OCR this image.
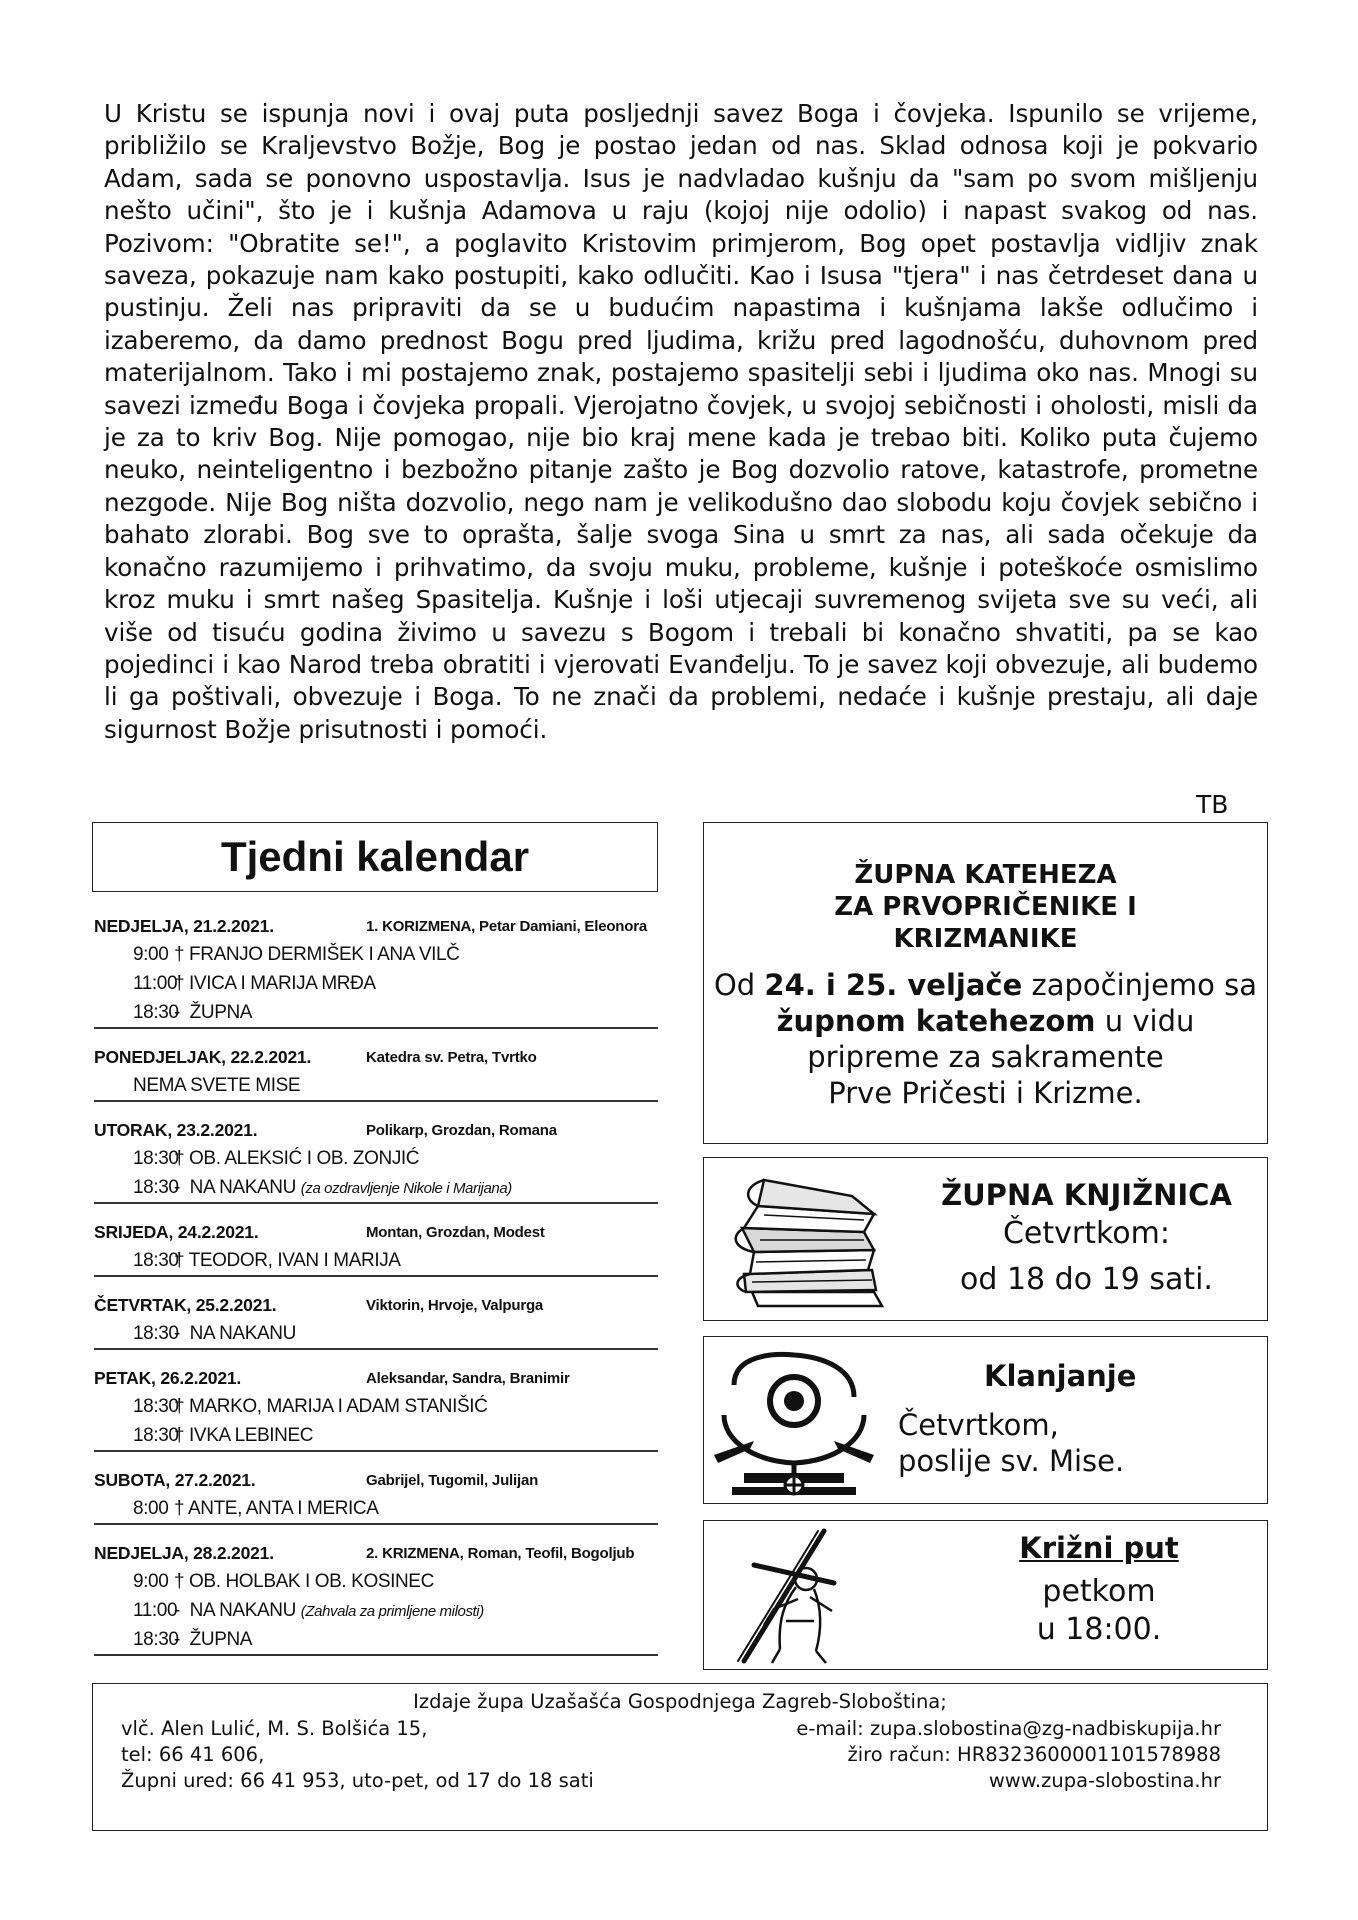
U Kristu se ispunja novi i ovaj puta posljednji savez Boga i čovjeka. Ispunilo se vrijeme, približilo se Kraljevstvo Božje, Bog je postao jedan od nas. Sklad odnosa koji je pokvario Adam, sada se ponovno uspostavlja. Isus je nadvladao kušnju da "sam po svom mišljenju nešto učini", što je i kušnja Adamova u raju (kojoj nije odolio) i napast svakog od nas. Pozivom: "Obratite se!", a poglavito Kristovim primjerom, Bog opet postavlja vidljiv znak saveza, pokazuje nam kako postupiti, kako odlučiti. Kao i Isusa "tjera" i nas četrdeset dana u pustinju. Želi nas pripraviti da se u budućim napastima i kušnjama lakše odlučimo i izaberemo, da damo prednost Bogu pred ljudima, križu pred lagodnošću, duhovnom pred materijalnom. Tako i mi postajemo znak, postajemo spasitelji sebi i ljudima oko nas. Mnogi su savezi između Boga i čovjeka propali. Vjerojatno čovjek, u svojoj sebičnosti i oholosti, misli da je za to kriv Bog. Nije pomogao, nije bio kraj mene kada je trebao biti. Koliko puta čujemo neuko, neinteligentno i bezbožno pitanje zašto je Bog dozvolio ratove, katastrofe, prometne nezgode. Nije Bog ništa dozvolio, nego nam je velikodušno dao slobodu koju čovjek sebično i bahato zlorabi. Bog sve to oprašta, šalje svoga Sina u smrt za nas, ali sada očekuje da konačno razumijemo i prihvatimo, da svoju muku, probleme, kušnje i poteškoće osmislimo kroz muku i smrt našeg Spasitelja. Kušnje i loši utjecaji suvremenog svijeta sve su veći, ali više od tisuću godina živimo u savezu s Bogom i trebali bi konačno shvatiti, pa se kao pojedinci i kao Narod treba obratiti i vjerovati Evanđelju. To je savez koji obvezuje, ali budemo li ga poštivali, obvezuje i Boga. To ne znači da problemi, nedaće i kušnje prestaju, ali daje sigurnost Božje prisutnosti i pomoći.
TB
Tjedni kalendar
NEDJELJA, 21.2.2021.	1. KORIZMENA, Petar Damiani, Eleonora
9:00 † FRANJO DERMIŠEK I ANA VILČ
11:00† IVICA I MARIJA MRĐA
18:30-  ŽUPNA
PONEDJELJAK, 22.2.2021.	Katedra sv. Petra, Tvrtko
NEMA SVETE MISE
UTORAK, 23.2.2021.	Polikarp, Grozdan, Romana
18:30† OB. ALEKSIĆ I OB. ZONJIĆ
18:30-  NA NAKANU (za ozdravljenje Nikole i Marijana)
SRIJEDA, 24.2.2021.	Montan, Grozdan, Modest
18:30† TEODOR, IVAN I MARIJA
ČETVRTAK, 25.2.2021.	Viktorin, Hrvoje, Valpurga
18:30-  NA NAKANU
PETAK, 26.2.2021.	Aleksandar, Sandra, Branimir
18:30† MARKO, MARIJA I ADAM STANIŠIĆ
18:30† IVKA LEBINEC
SUBOTA, 27.2.2021.	Gabrijel, Tugomil, Julijan
8:00 † ANTE, ANTA I MERICA
NEDJELJA, 28.2.2021.	2. KRIZMENA, Roman, Teofil, Bogoljub
9:00 † OB. HOLBAK I OB. KOSINEC
11:00-  NA NAKANU (Zahvala za primljene milosti)
18:30-  ŽUPNA
ŽUPNA KATEHEZA
ZA PRVOPRIČENIKE I
KRIZMANIKE
Od 24. i 25. veljače započinjemo sa
župnom katehezom u vidu
pripreme za sakramente
Prve Pričesti i Krizme.
ŽUPNA KNJIŽNICA
Četvrtkom:
od 18 do 19 sati.
Klanjanje
Četvrtkom,
poslije sv. Mise.
Križni put
petkom
u 18:00.
Izdaje župa Uzašašća Gospodnjega Zagreb-Sloboština;
vlč. Alen Lulić, M. S. Bolšića 15,
tel: 66 41 606,
Župni ured: 66 41 953, uto-pet, od 17 do 18 sati
e-mail: zupa.slobostina@zg-nadbiskupija.hr
žiro račun: HR8323600001101578988
www.zupa-slobostina.hr
